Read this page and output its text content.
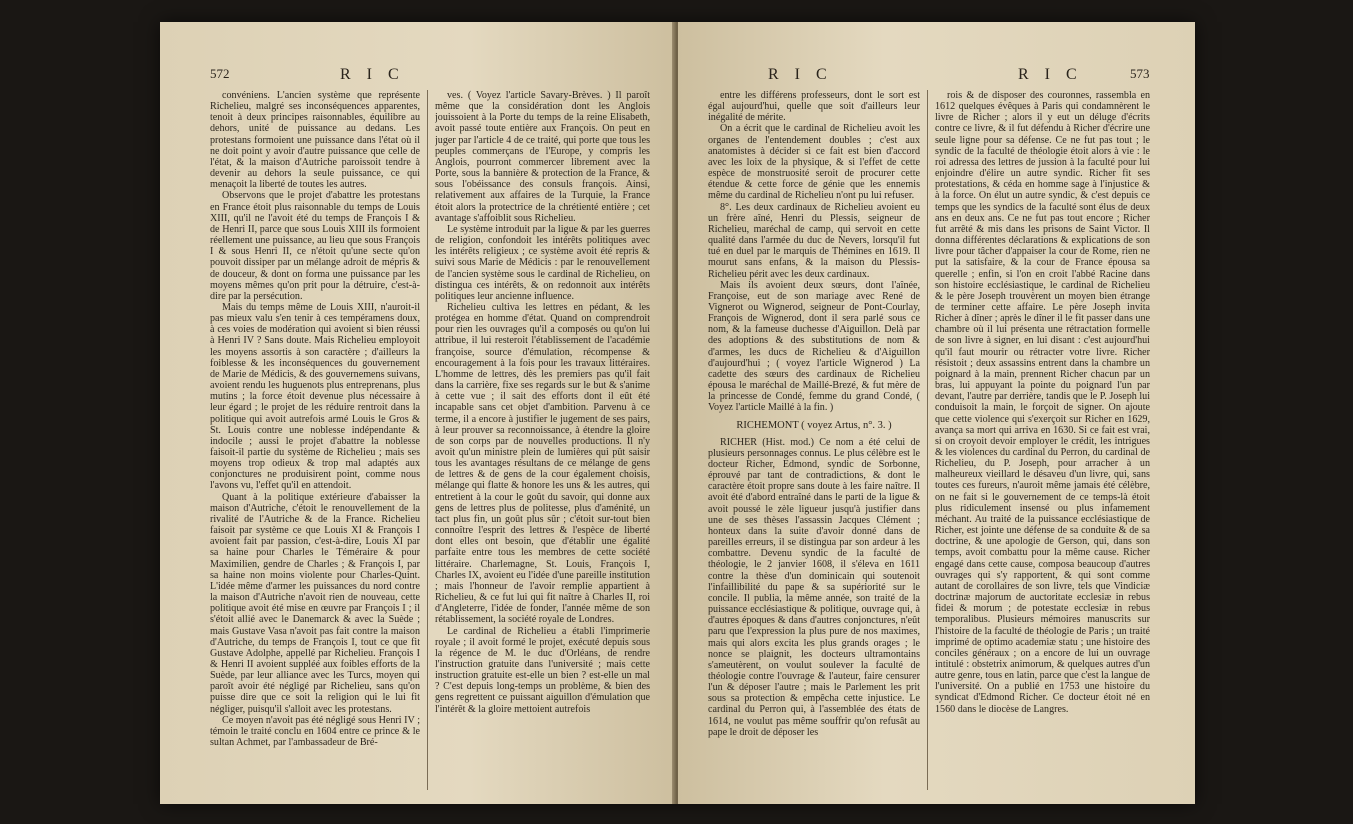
572	R I C

convéniens. L'ancien système que représente Richelieu, malgré ses inconséquences apparentes, tenoit à deux principes raisonnables, équilibre au dehors, unité de puissance au dedans. Les protestans formoient une puissance dans l'état où il ne doit point y avoir d'autre puissance que celle de l'état, & la maison d'Autriche paroissoit tendre à devenir au dehors la seule puissance, ce qui menaçoit la liberté de toutes les autres.

Observons que le projet d'abattre les protestans en France étoit plus raisonnable du temps de Louis XIII, qu'il ne l'avoit été du temps de François I & de Henri II, parce que sous Louis XIII ils formoient réellement une puissance, au lieu que sous François I & sous Henri II, ce n'étoit qu'une secte qu'on pouvoit dissiper par un mélange adroit de mépris & de douceur, & dont on forma une puissance par les moyens mêmes qu'on prit pour la détruire, c'est-à-dire par la persécution.

Mais du temps même de Louis XIII, n'auroit-il pas mieux valu s'en tenir à ces tempéramens doux, à ces voies de modération qui avoient si bien réussi à Henri IV ? Sans doute. Mais Richelieu employoit les moyens assortis à son caractère ; d'ailleurs la foiblesse & les inconséquences du gouvernement de Marie de Médicis, & des gouvernemens suivans, avoient rendu les huguenots plus entreprenans, plus mutins ; la force étoit devenue plus nécessaire à leur égard ; le projet de les réduire rentroit dans la politique qui avoit autrefois armé Louis le Gros & St. Louis contre une noblesse indépendante & indocile ; aussi le projet d'abattre la noblesse faisoit-il partie du système de Richelieu ; mais ses moyens trop odieux & trop mal adaptés aux conjonctures ne produisirent point, comme nous l'avons vu, l'effet qu'il en attendoit.

Quant à la politique extérieure d'abaisser la maison d'Autriche, c'étoit le renouvellement de la rivalité de l'Autriche & de la France. Richelieu faisoit par système ce que Louis XI & François I avoient fait par passion, c'est-à-dire, Louis XI par sa haine pour Charles le Téméraire & pour Maximilien, gendre de Charles ; & François I, par sa haine non moins violente pour Charles-Quint. L'idée même d'armer les puissances du nord contre la maison d'Autriche n'avoit rien de nouveau, cette politique avoit été mise en œuvre par François I ; il s'étoit allié avec le Danemarck & avec la Suède ; mais Gustave Vasa n'avoit pas fait contre la maison d'Autriche, du temps de François I, tout ce que fit Gustave Adolphe, appellé par Richelieu. François I & Henri II avoient suppléé aux foibles efforts de la Suède, par leur alliance avec les Turcs, moyen qui paroît avoir été négligé par Richelieu, sans qu'on puisse dire que ce soit la religion qui le lui fit négliger, puisqu'il s'alloit avec les protestans.

Ce moyen n'avoit pas été négligé sous Henri IV ; témoin le traité conclu en 1604 entre ce prince & le sultan Achmet, par l'ambassadeur de Bré-

ves. ( Voyez l'article Savary-Brèves. ) Il paroît même que la considération dont les Anglois jouissoient à la Porte du temps de la reine Elisabeth, avoit passé toute entière aux François. On peut en juger par l'article 4 de ce traité, qui porte que tous les peuples commerçans de l'Europe, y compris les Anglois, pourront commercer librement avec la Porte, sous la bannière & protection de la France, & sous l'obéissance des consuls françois. Ainsi, relativement aux affaires de la Turquie, la France étoit alors la protectrice de la chrétienté entière ; cet avantage s'affoiblit sous Richelieu.

Le système introduit par la ligue & par les guerres de religion, confondoit les intérêts politiques avec les intérêts religieux ; ce système avoit été repris & suivi sous Marie de Médicis : par le renouvellement de l'ancien système sous le cardinal de Richelieu, on distingua ces intérêts, & on redonnoit aux intérêts politiques leur ancienne influence.

Richelieu cultiva les lettres en pédant, & les protégea en homme d'état. Quand on comprendroit pour rien les ouvrages qu'il a composés ou qu'on lui attribue, il lui resteroit l'établissement de l'académie françoise, source d'émulation, récompense & encouragement à la fois pour les travaux littéraires. L'homme de lettres, dès les premiers pas qu'il fait dans la carrière, fixe ses regards sur le but & s'anime à cette vue ; il sait des efforts dont il eût été incapable sans cet objet d'ambition. Parvenu à ce terme, il a encore à justifier le jugement de ses pairs, à leur prouver sa reconnoissance, à étendre la gloire de son corps par de nouvelles productions. Il n'y avoit qu'un ministre plein de lumières qui pût saisir tous les avantages résultans de ce mélange de gens de lettres & de gens de la cour également choisis, mélange qui flatte & honore les uns & les autres, qui entretient à la cour le goût du savoir, qui donne aux gens de lettres plus de politesse, plus d'aménité, un tact plus fin, un goût plus sûr ; c'étoit sur-tout bien connoître l'esprit des lettres & l'espèce de liberté dont elles ont besoin, que d'établir une égalité parfaite entre tous les membres de cette société littéraire. Charlemagne, St. Louis, François I, Charles IX, avoient eu l'idée d'une pareille institution ; mais l'honneur de l'avoir remplie appartient à Richelieu, & ce fut lui qui fit naître à Charles II, roi d'Angleterre, l'idée de fonder, l'année même de son rétablissement, la société royale de Londres.

Le cardinal de Richelieu a établi l'imprimerie royale ; il avoit formé le projet, exécuté depuis sous la régence de M. le duc d'Orléans, de rendre l'instruction gratuite dans l'université ; mais cette instruction gratuite est-elle un bien ? est-elle un mal ? C'est depuis long-temps un problème, & bien des gens regrettent ce puissant aiguillon d'émulation que l'intérêt & la gloire mettoient autrefois

R I C	R I C	573

entre les différens professeurs, dont le sort est égal aujourd'hui, quelle que soit d'ailleurs leur inégalité de mérite.

On a écrit que le cardinal de Richelieu avoit les organes de l'entendement doubles ; c'est aux anatomistes à décider si ce fait est bien d'accord avec les loix de la physique, & si l'effet de cette espèce de monstruosité seroit de procurer cette étendue & cette force de génie que les ennemis même du cardinal de Richelieu n'ont pu lui refuser.

8°. Les deux cardinaux de Richelieu avoient eu un frère aîné, Henri du Plessis, seigneur de Richelieu, maréchal de camp, qui servoit en cette qualité dans l'armée du duc de Nevers, lorsqu'il fut tué en duel par le marquis de Thémines en 1619. Il mourut sans enfans, & la maison du Plessis-Richelieu périt avec les deux cardinaux.

Mais ils avoient deux sœurs, dont l'aînée, Françoise, eut de son mariage avec René de Vignerot ou Wignerod, seigneur de Pont-Courlay, François de Wignerod, dont il sera parlé sous ce nom, & la fameuse duchesse d'Aiguillon. Delà par des adoptions & des substitutions de nom & d'armes, les ducs de Richelieu & d'Aiguillon d'aujourd'hui ; ( voyez l'article Wignerod ) La cadette des sœurs des cardinaux de Richelieu épousa le maréchal de Maillé-Brezé, & fut mère de la princesse de Condé, femme du grand Condé, ( Voyez l'article Maillé à la fin. )

RICHEMONT ( voyez Artus, n°. 3. )

RICHER (Hist. mod.) Ce nom a été celui de plusieurs personnages connus. Le plus célèbre est le docteur Richer, Edmond, syndic de Sorbonne, éprouvé par tant de contradictions, & dont le caractère étoit propre sans doute à les faire naître. Il avoit été d'abord entraîné dans le parti de la ligue & avoit poussé le zèle ligueur jusqu'à justifier dans une de ses thèses l'assassin Jacques Clément ; honteux dans la suite d'avoir donné dans de pareilles erreurs, il se distingua par son ardeur à les combattre. Devenu syndic de la faculté de théologie, le 2 janvier 1608, il s'éleva en 1611 contre la thèse d'un dominicain qui soutenoit l'infaillibilité du pape & sa supériorité sur le concile. Il publia, la même année, son traité de la puissance ecclésiastique & politique, ouvrage qui, à d'autres époques & dans d'autres conjonctures, n'eût paru que l'expression la plus pure de nos maximes, mais qui alors excita les plus grands orages ; le nonce se plaignit, les docteurs ultramontains s'ameutèrent, on voulut soulever la faculté de théologie contre l'ouvrage & l'auteur, faire censurer l'un & déposer l'autre ; mais le Parlement les prit sous sa protection & empêcha cette injustice. Le cardinal du Perron qui, à l'assemblée des états de 1614, ne voulut pas même souffrir qu'on refusât au pape le droit de déposer les

rois & de disposer des couronnes, rassembla en 1612 quelques évêques à Paris qui condamnèrent le livre de Richer ; alors il y eut un déluge d'écrits contre ce livre, & il fut défendu à Richer d'écrire une seule ligne pour sa défense. Ce ne fut pas tout ; le syndic de la faculté de théologie étoit alors à vie : le roi adressa des lettres de jussion à la faculté pour lui enjoindre d'élire un autre syndic. Richer fit ses protestations, & céda en homme sage à l'injustice & à la force. On élut un autre syndic, & c'est depuis ce temps que les syndics de la faculté sont élus de deux ans en deux ans. Ce ne fut pas tout encore ; Richer fut arrêté & mis dans les prisons de Saint Victor. Il donna différentes déclarations & explications de son livre pour tâcher d'appaiser la cour de Rome, rien ne put la satisfaire, & la cour de France épousa sa querelle ; enfin, si l'on en croit l'abbé Racine dans son histoire ecclésiastique, le cardinal de Richelieu & le père Joseph trouvèrent un moyen bien étrange de terminer cette affaire. Le père Joseph invita Richer à dîner ; après le dîner il le fit passer dans une chambre où il lui présenta une rétractation formelle de son livre à signer, en lui disant : c'est aujourd'hui qu'il faut mourir ou rétracter votre livre. Richer résistoit ; deux assassins entrent dans la chambre un poignard à la main, prennent Richer chacun par un bras, lui appuyant la pointe du poignard l'un par devant, l'autre par derrière, tandis que le P. Joseph lui conduisoit la main, le forçoit de signer. On ajoute que cette violence qui s'exerçoit sur Richer en 1629, avança sa mort qui arriva en 1630. Si ce fait est vrai, si on croyoit devoir employer le crédit, les intrigues & les violences du cardinal du Perron, du cardinal de Richelieu, du P. Joseph, pour arracher à un malheureux vieillard le désaveu d'un livre, qui, sans toutes ces fureurs, n'auroit même jamais été célèbre, on ne fait si le gouvernement de ce temps-là étoit plus ridiculement insensé ou plus infamement méchant. Au traité de la puissance ecclésiastique de Richer, est jointe une défense de sa conduite & de sa doctrine, & une apologie de Gerson, qui, dans son temps, avoit combattu pour la même cause. Richer engagé dans cette cause, composa beaucoup d'autres ouvrages qui s'y rapportent, & qui sont comme autant de corollaires de son livre, tels que Vindiciæ doctrinæ majorum de auctoritate ecclesiæ in rebus fidei & morum ; de potestate ecclesiæ in rebus temporalibus. Plusieurs mémoires manuscrits sur l'histoire de la faculté de théologie de Paris ; un traité imprimé de optimo academiæ statu ; une histoire des conciles généraux ; on a encore de lui un ouvrage intitulé : obstetrix animorum, & quelques autres d'un autre genre, tous en latin, parce que c'est la langue de l'université. On a publié en 1753 une histoire du syndicat d'Edmond Richer. Ce docteur étoit né en 1560 dans le diocèse de Langres.
